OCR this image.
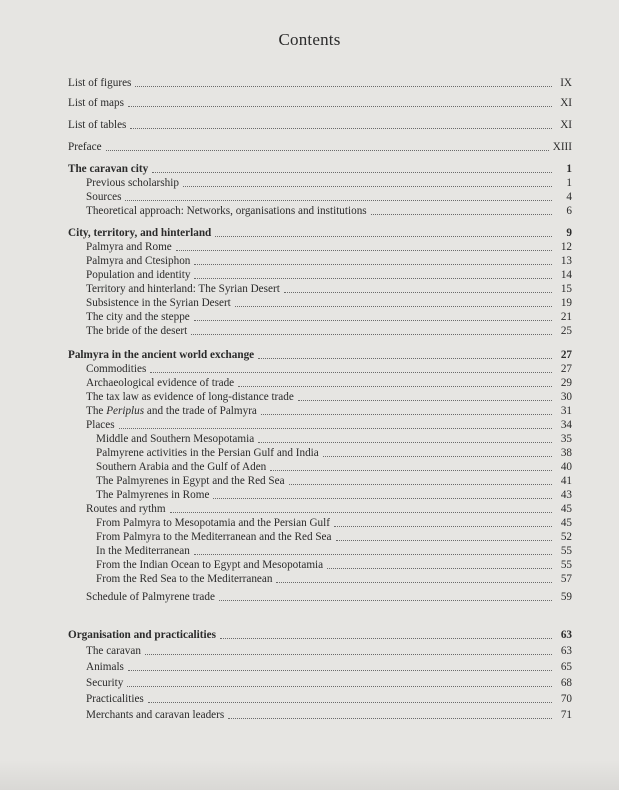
Contents
List of figures	IX
List of maps	XI
List of tables	XI
Preface	XIII
The caravan city	1
Previous scholarship	1
Sources	4
Theoretical approach: Networks, organisations and institutions	6
City, territory, and hinterland	9
Palmyra and Rome	12
Palmyra and Ctesiphon	13
Population and identity	14
Territory and hinterland: The Syrian Desert	15
Subsistence in the Syrian Desert	19
The city and the steppe	21
The bride of the desert	25
Palmyra in the ancient world exchange	27
Commodities	27
Archaeological evidence of trade	29
The tax law as evidence of long-distance trade	30
The Periplus and the trade of Palmyra	31
Places	34
Middle and Southern Mesopotamia	35
Palmyrene activities in the Persian Gulf and India	38
Southern Arabia and the Gulf of Aden	40
The Palmyrenes in Egypt and the Red Sea	41
The Palmyrenes in Rome	43
Routes and rythm	45
From Palmyra to Mesopotamia and the Persian Gulf	45
From Palmyra to the Mediterranean and the Red Sea	52
In the Mediterranean	55
From the Indian Ocean to Egypt and Mesopotamia	55
From the Red Sea to the Mediterranean	57
Schedule of Palmyrene trade	59
Organisation and practicalities	63
The caravan	63
Animals	65
Security	68
Practicalities	70
Merchants and caravan leaders	71
